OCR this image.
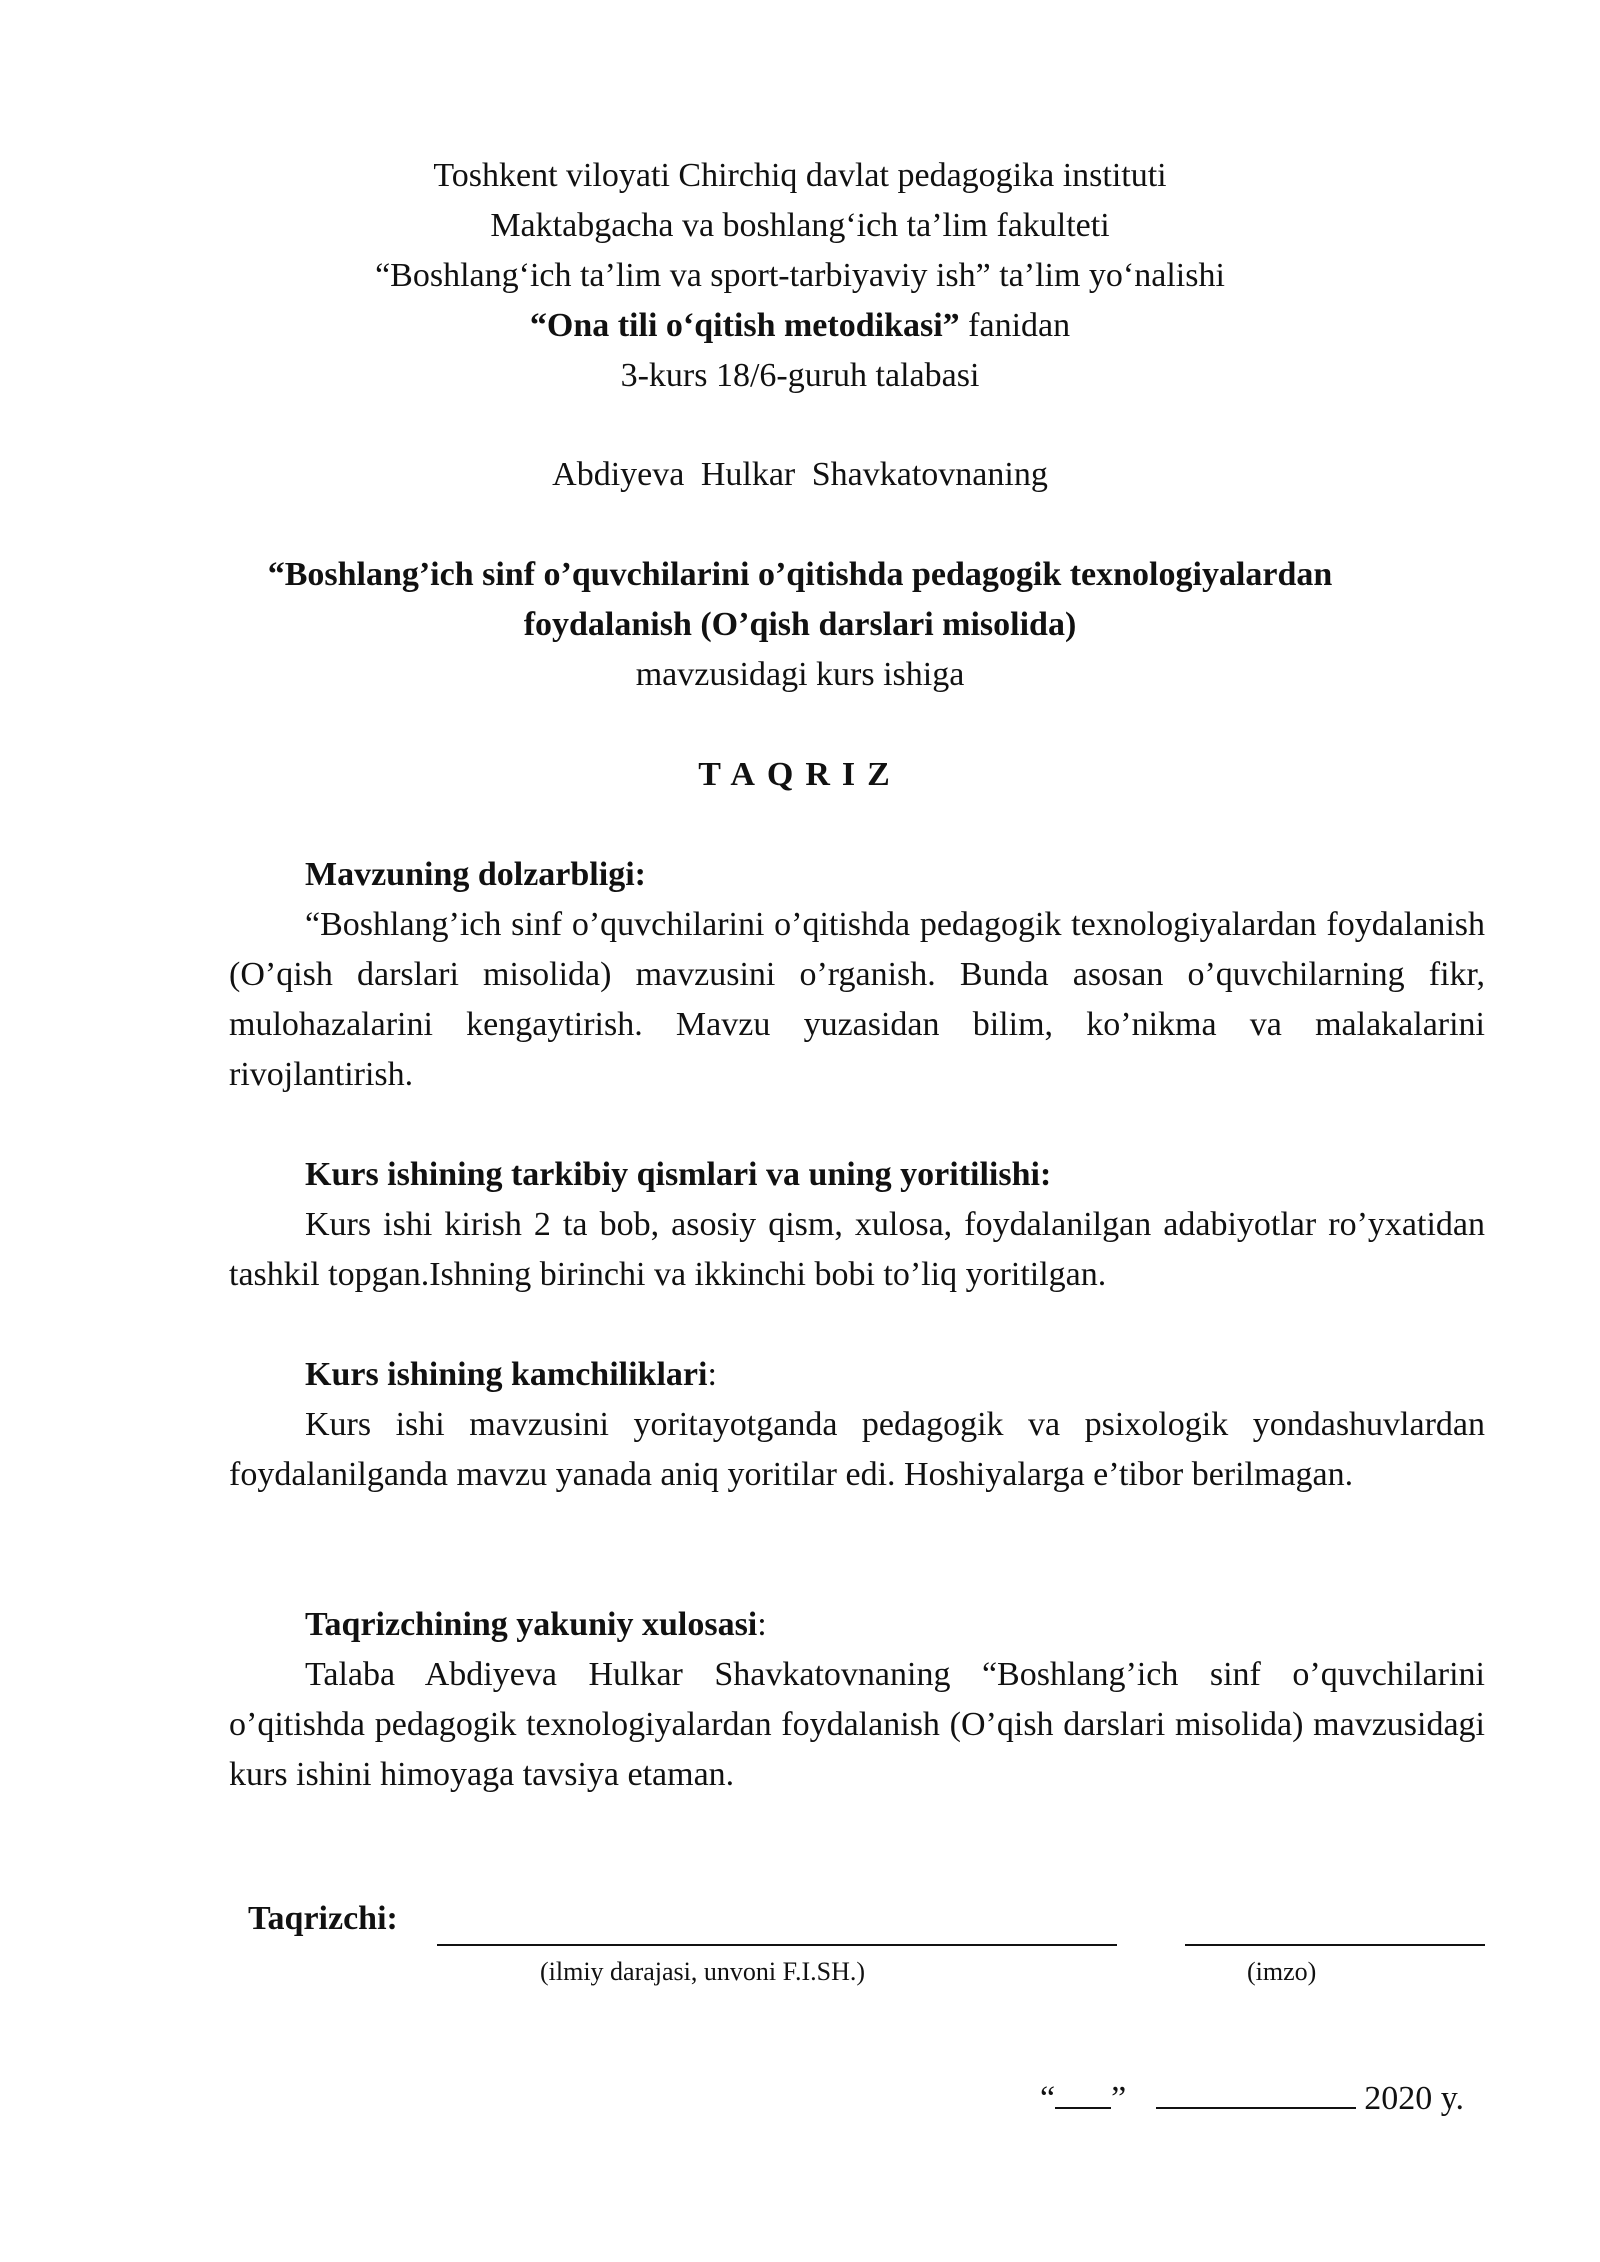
Toshkent viloyati Chirchiq davlat pedagogika instituti
Maktabgacha va boshlang‘ich ta’lim fakulteti
“Boshlang‘ich ta’lim va sport-tarbiyaviy ish” ta’lim yo‘nalishi
“Ona tili o‘qitish metodikasi” fanidan
3-kurs 18/6-guruh talabasi
Abdiyeva Hulkar Shavkatovnaning
“Boshlang’ich sinf o’quvchilarini o’qitishda pedagogik texnologiyalardan
foydalanish (O’qish darslari misolida)
mavzusidagi kurs ishiga
TAQRIZ
Mavzuning dolzarbligi:
“Boshlang’ich sinf o’quvchilarini o’qitishda pedagogik texnologiyalardan foydalanish (O’qish darslari misolida) mavzusini o’rganish. Bunda asosan o’quvchilarning fikr, mulohazalarini kengaytirish. Mavzu yuzasidan bilim, ko’nikma va malakalarini rivojlantirish.
Kurs ishining tarkibiy qismlari va uning yoritilishi:
Kurs ishi kirish 2 ta bob, asosiy qism, xulosa, foydalanilgan adabiyotlar ro’yxatidan tashkil topgan.Ishning birinchi va ikkinchi bobi to’liq yoritilgan.
Kurs ishining kamchiliklari:
Kurs ishi mavzusini yoritayotganda pedagogik va psixologik yondashuvlardan foydalanilganda mavzu yanada aniq yoritilar edi. Hoshiyalarga e’tibor berilmagan.
Taqrizchining yakuniy xulosasi:
Talaba Abdiyeva Hulkar Shavkatovnaning “Boshlang’ich sinf o’quvchilarini o’qitishda pedagogik texnologiyalardan foydalanish (O’qish darslari misolida) mavzusidagi kurs ishini himoyaga tavsiya etaman.
Taqrizchi:
(ilmiy darajasi, unvoni F.I.SH.)	(imzo)
“ ”	2020 y.
